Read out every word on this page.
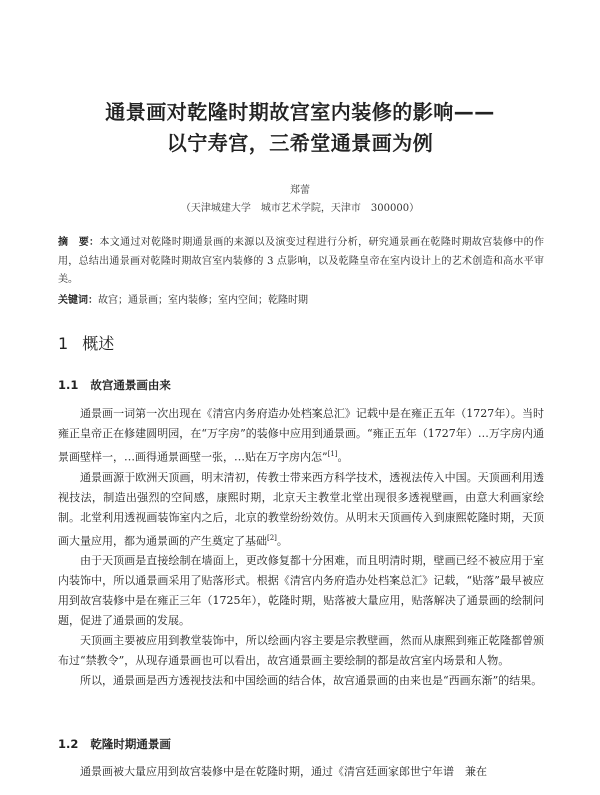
通景画对乾隆时期故宫室内装修的影响——
以宁寿宫，三希堂通景画为例
郑蕾
（天津城建大学　城市艺术学院，天津市　300000）
摘　要：本文通过对乾隆时期通景画的来源以及演变过程进行分析，研究通景画在乾隆时期故宫装修中的作用，总结出通景画对乾隆时期故宫室内装修的 3 点影响，以及乾隆皇帝在室内设计上的艺术创造和高水平审美。
关键词：故宫；通景画；室内装修；室内空间；乾隆时期
1 概述
1.1 故宫通景画由来

通景画一词第一次出现在《清宫内务府造办处档案总汇》记载中是在雍正五年（1727年）。当时雍正皇帝正在修建圆明园，在“万字房”的装修中应用到通景画。“雍正五年（1727年）…万字房内通景画壁样一，…画得通景画壁一张，…贴在万字房内怎”[1]。

通景画源于欧洲天顶画，明末清初，传教士带来西方科学技术，透视法传入中国。天顶画利用透视技法，制造出强烈的空间感，康熙时期，北京天主教堂北堂出现很多透视壁画，由意大利画家绘制。北堂利用透视画装饰室内之后，北京的教堂纷纷效仿。从明末天顶画传入到康熙乾隆时期，天顶画大量应用，都为通景画的产生奠定了基础[2]。

由于天顶画是直接绘制在墙面上，更改修复都十分困难，而且明清时期，壁画已经不被应用于室内装饰中，所以通景画采用了贴落形式。根据《清宫内务府造办处档案总汇》记载，“贴落”最早被应用到故宫装修中是在雍正三年（1725年），乾隆时期，贴落被大量应用，贴落解决了通景画的绘制问题，促进了通景画的发展。

天顶画主要被应用到教堂装饰中，所以绘画内容主要是宗教壁画，然而从康熙到雍正乾隆都曾颁布过“禁教令”，从现存通景画也可以看出，故宫通景画主要绘制的都是故宫室内场景和人物。

所以，通景画是西方透视技法和中国绘画的结合体，故宫通景画的由来也是“西画东渐”的结果。

1.2 乾隆时期通景画

通景画被大量应用到故宫装修中是在乾隆时期，通过《清宫廷画家郎世宁年谱　兼在
